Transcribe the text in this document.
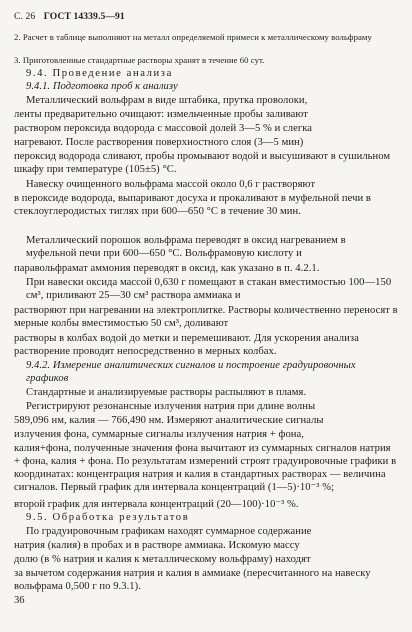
С. 26 ГОСТ 14339.5—91
2. Расчет в таблице выполняют на металл определяемой примеси к металлическому вольфраму
3. Приготовленные стандартные растворы хранят в течение 60 сут.
9.4. Проведение анализа
9.4.1. Подготовка проб к анализу
Металлический вольфрам в виде штабика, прутка проволоки,
ленты предварительно очищают: измельченные пробы заливают
раствором пероксида водорода с массовой долей 3—5 % и слегка
нагревают. После растворения поверхностного слоя (3—5 мин)
пероксид водорода сливают, пробы промывают водой и высушивают в сушильном шкафу при температуре (105±5) °С.
Навеску очищенного вольфрама массой около 0,6 г растворяют
в пероксиде водорода, выпаривают досуха и прокаливают в муфельной печи в стеклоуглеродистых тиглях при 600—650 °С в течение 30 мин.
Металлический порошок вольфрама переводят в оксид нагреванием в муфельной печи при 600—650 °С. Вольфрамовую кислоту и
паравольфрамат аммония переводят в оксид, как указано в п. 4.2.1.
При навески оксида массой 0,630 г помещают в стакан вместимостью 100—150 см³, приливают 25—30 см³ раствора аммиака и
растворяют при нагревании на электроплитке. Растворы количественно переносят в мерные колбы вместимостью 50 см³, доливают
растворы в колбах водой до метки и перемешивают. Для ускорения анализа растворение проводят непосредственно в мерных колбах.
9.4.2. Измерение аналитических сигналов и построение градуировочных графиков
Стандартные и анализируемые растворы распыляют в пламя.
Регистрируют резонансные излучения натрия при длине волны
589,096 нм, калия — 766,490 нм. Измеряют аналитические сигналы
излучения фона, суммарные сигналы излучения натрия + фона,
калия+фона, полученные значения фона вычитают из суммарных сигналов натрия + фона, калия + фона. По результатам измерений строят градуировочные графики в координатах: концентрация натрия и калия в стандартных растворах — величина сигналов. Первый график для интервала концентраций (1—5)·10⁻³ %;
второй график для интервала концентраций (20—100)·10⁻³ %.
9.5. Обработка результатов
По градуировочным графикам находят суммарное содержание
натрия (калия) в пробах и в растворе аммиака. Искомую массу
долю (в % натрия и калия к металлическому вольфраму) находят
за вычетом содержания натрия и калия в аммиаке (пересчитанного на навеску вольфрама 0,500 г по 9.3.1).
36
